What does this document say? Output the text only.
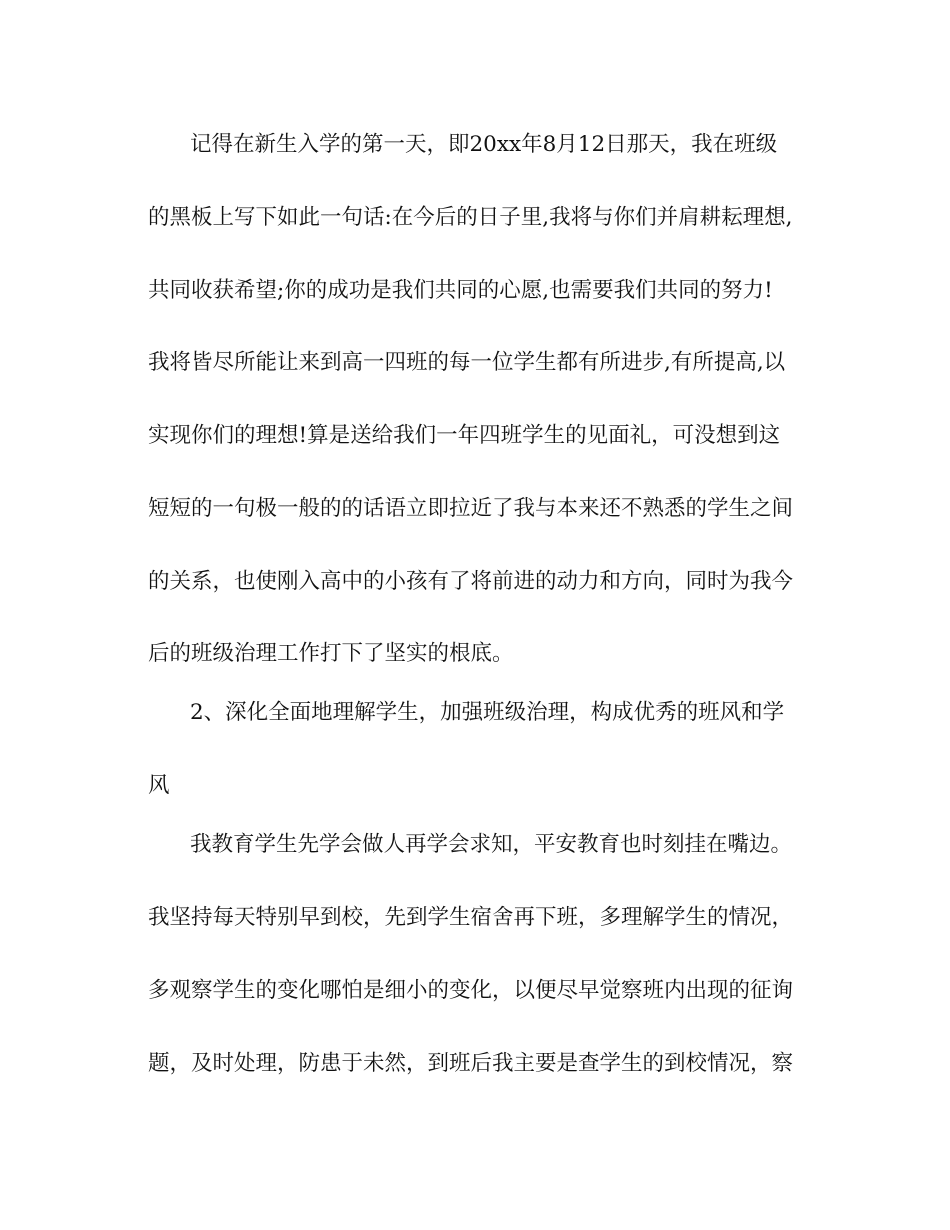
记得在新生入学的第一天，即20xx年8月12日那天，我在班级
的黑板上写下如此一句话:在今后的日子里,我将与你们并肩耕耘理想,
共同收获希望;你的成功是我们共同的心愿,也需要我们共同的努力!
我将皆尽所能让来到高一四班的每一位学生都有所进步,有所提高,以
实现你们的理想!算是送给我们一年四班学生的见面礼，可没想到这
短短的一句极一般的的话语立即拉近了我与本来还不熟悉的学生之间
的关系，也使刚入高中的小孩有了将前进的动力和方向，同时为我今
后的班级治理工作打下了坚实的根底。
2、深化全面地理解学生，加强班级治理，构成优秀的班风和学
风
我教育学生先学会做人再学会求知，平安教育也时刻挂在嘴边。
我坚持每天特别早到校，先到学生宿舍再下班，多理解学生的情况，
多观察学生的变化哪怕是细小的变化，以便尽早觉察班内出现的征询
题，及时处理，防患于未然，到班后我主要是查学生的到校情况，察
